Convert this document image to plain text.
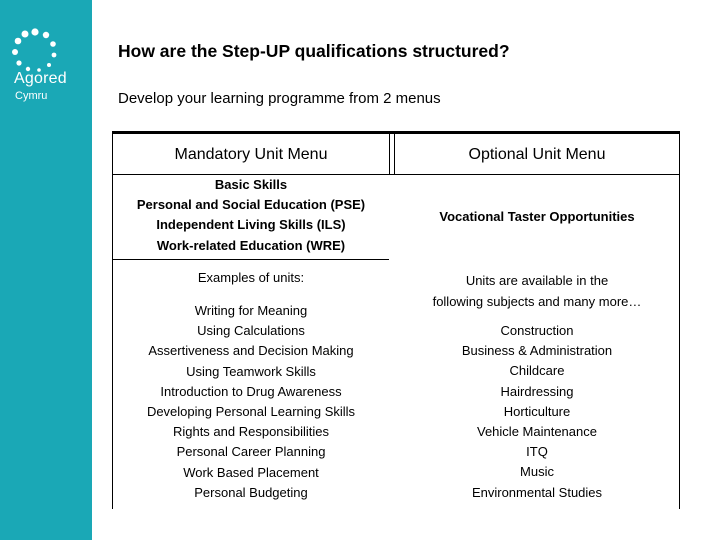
Agored
Cymru
How are the Step-UP qualifications structured?
Develop your learning programme from 2 menus
Mandatory Unit Menu	Optional Unit Menu
Basic Skills
Personal and Social Education (PSE)
Independent Living Skills (ILS)
Work-related Education (WRE)
Vocational Taster Opportunities
Examples of units:	Units are available in the
following subjects and many more…
Writing for Meaning
Using Calculations
Assertiveness and Decision Making
Using Teamwork Skills
Introduction to Drug Awareness
Developing Personal Learning Skills
Rights and Responsibilities
Personal Career Planning
Work Based Placement
Personal Budgeting
Construction
Business & Administration
Childcare
Hairdressing
Horticulture
Vehicle Maintenance
ITQ
Music
Environmental Studies
